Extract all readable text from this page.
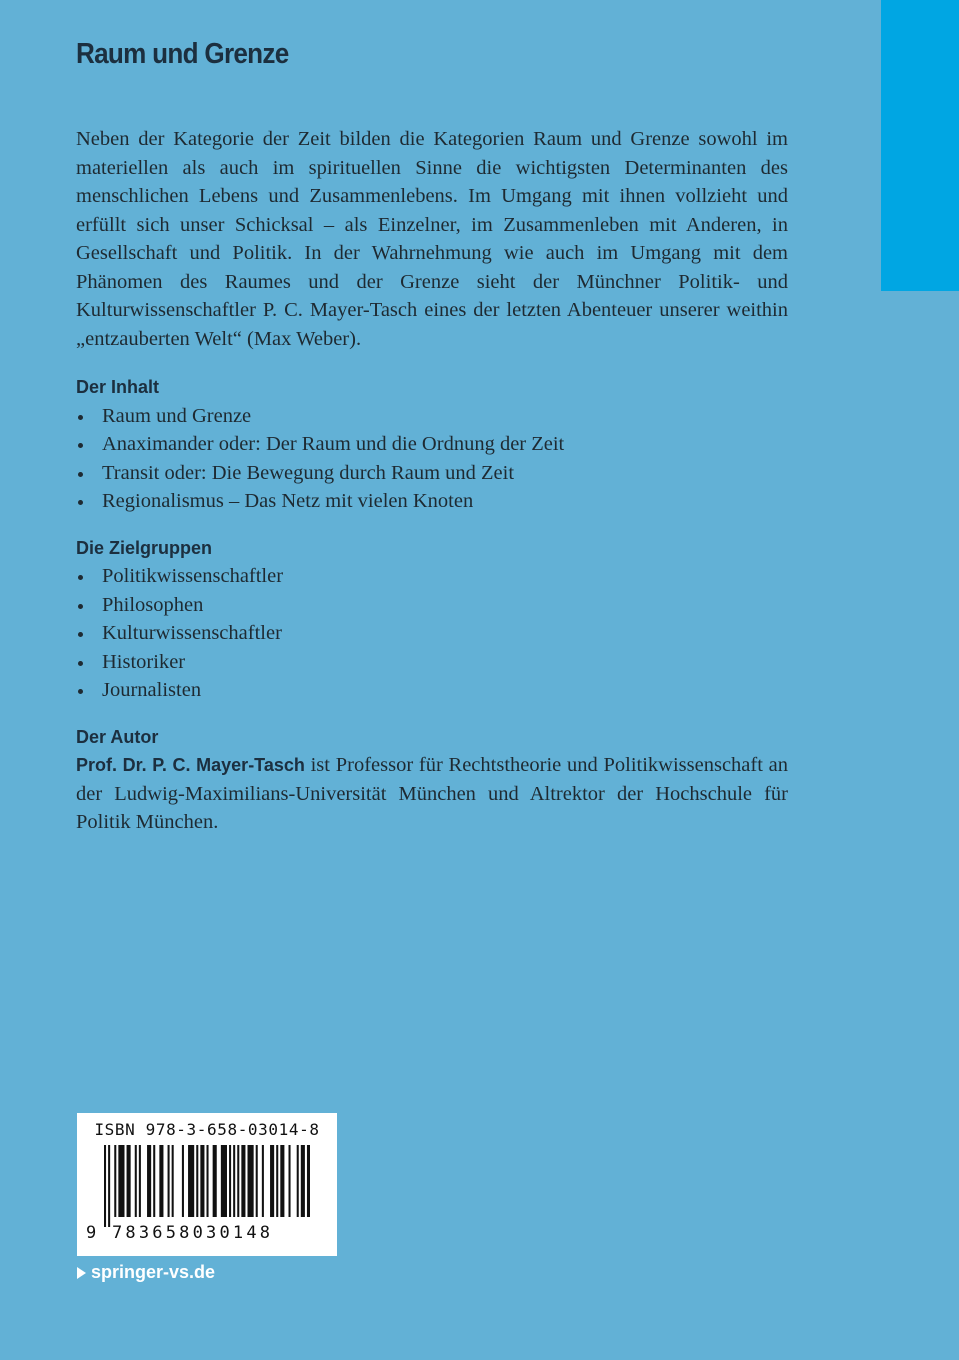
Raum und Grenze

Neben der Kategorie der Zeit bilden die Kategorien Raum und Grenze sowohl im materiellen als auch im spirituellen Sinne die wichtigsten Determinanten des menschlichen Lebens und Zusammenlebens. Im Umgang mit ihnen vollzieht und erfüllt sich unser Schicksal – als Einzelner, im Zusammenleben mit Anderen, in Gesellschaft und Politik. In der Wahrnehmung wie auch im Umgang mit dem Phänomen des Raumes und der Grenze sieht der Münchner Politik- und Kulturwissenschaftler P. C. Mayer-Tasch eines der letzten Abenteuer unserer weithin „entzauberten Welt“ (Max Weber).

Der Inhalt
Raum und Grenze
Anaximander oder: Der Raum und die Ordnung der Zeit
Transit oder: Die Bewegung durch Raum und Zeit
Regionalismus – Das Netz mit vielen Knoten
Die Zielgruppen
Politikwissenschaftler
Philosophen
Kulturwissenschaftler
Historiker
Journalisten
Der Autor

Prof. Dr. P. C. Mayer-Tasch ist Professor für Rechtstheorie und Politikwissenschaft an der Ludwig-Maximilians-Universität München und Altrektor der Hochschule für Politik München.

ISBN 978-3-658-03014-8
9 783658030148
springer-vs.de
